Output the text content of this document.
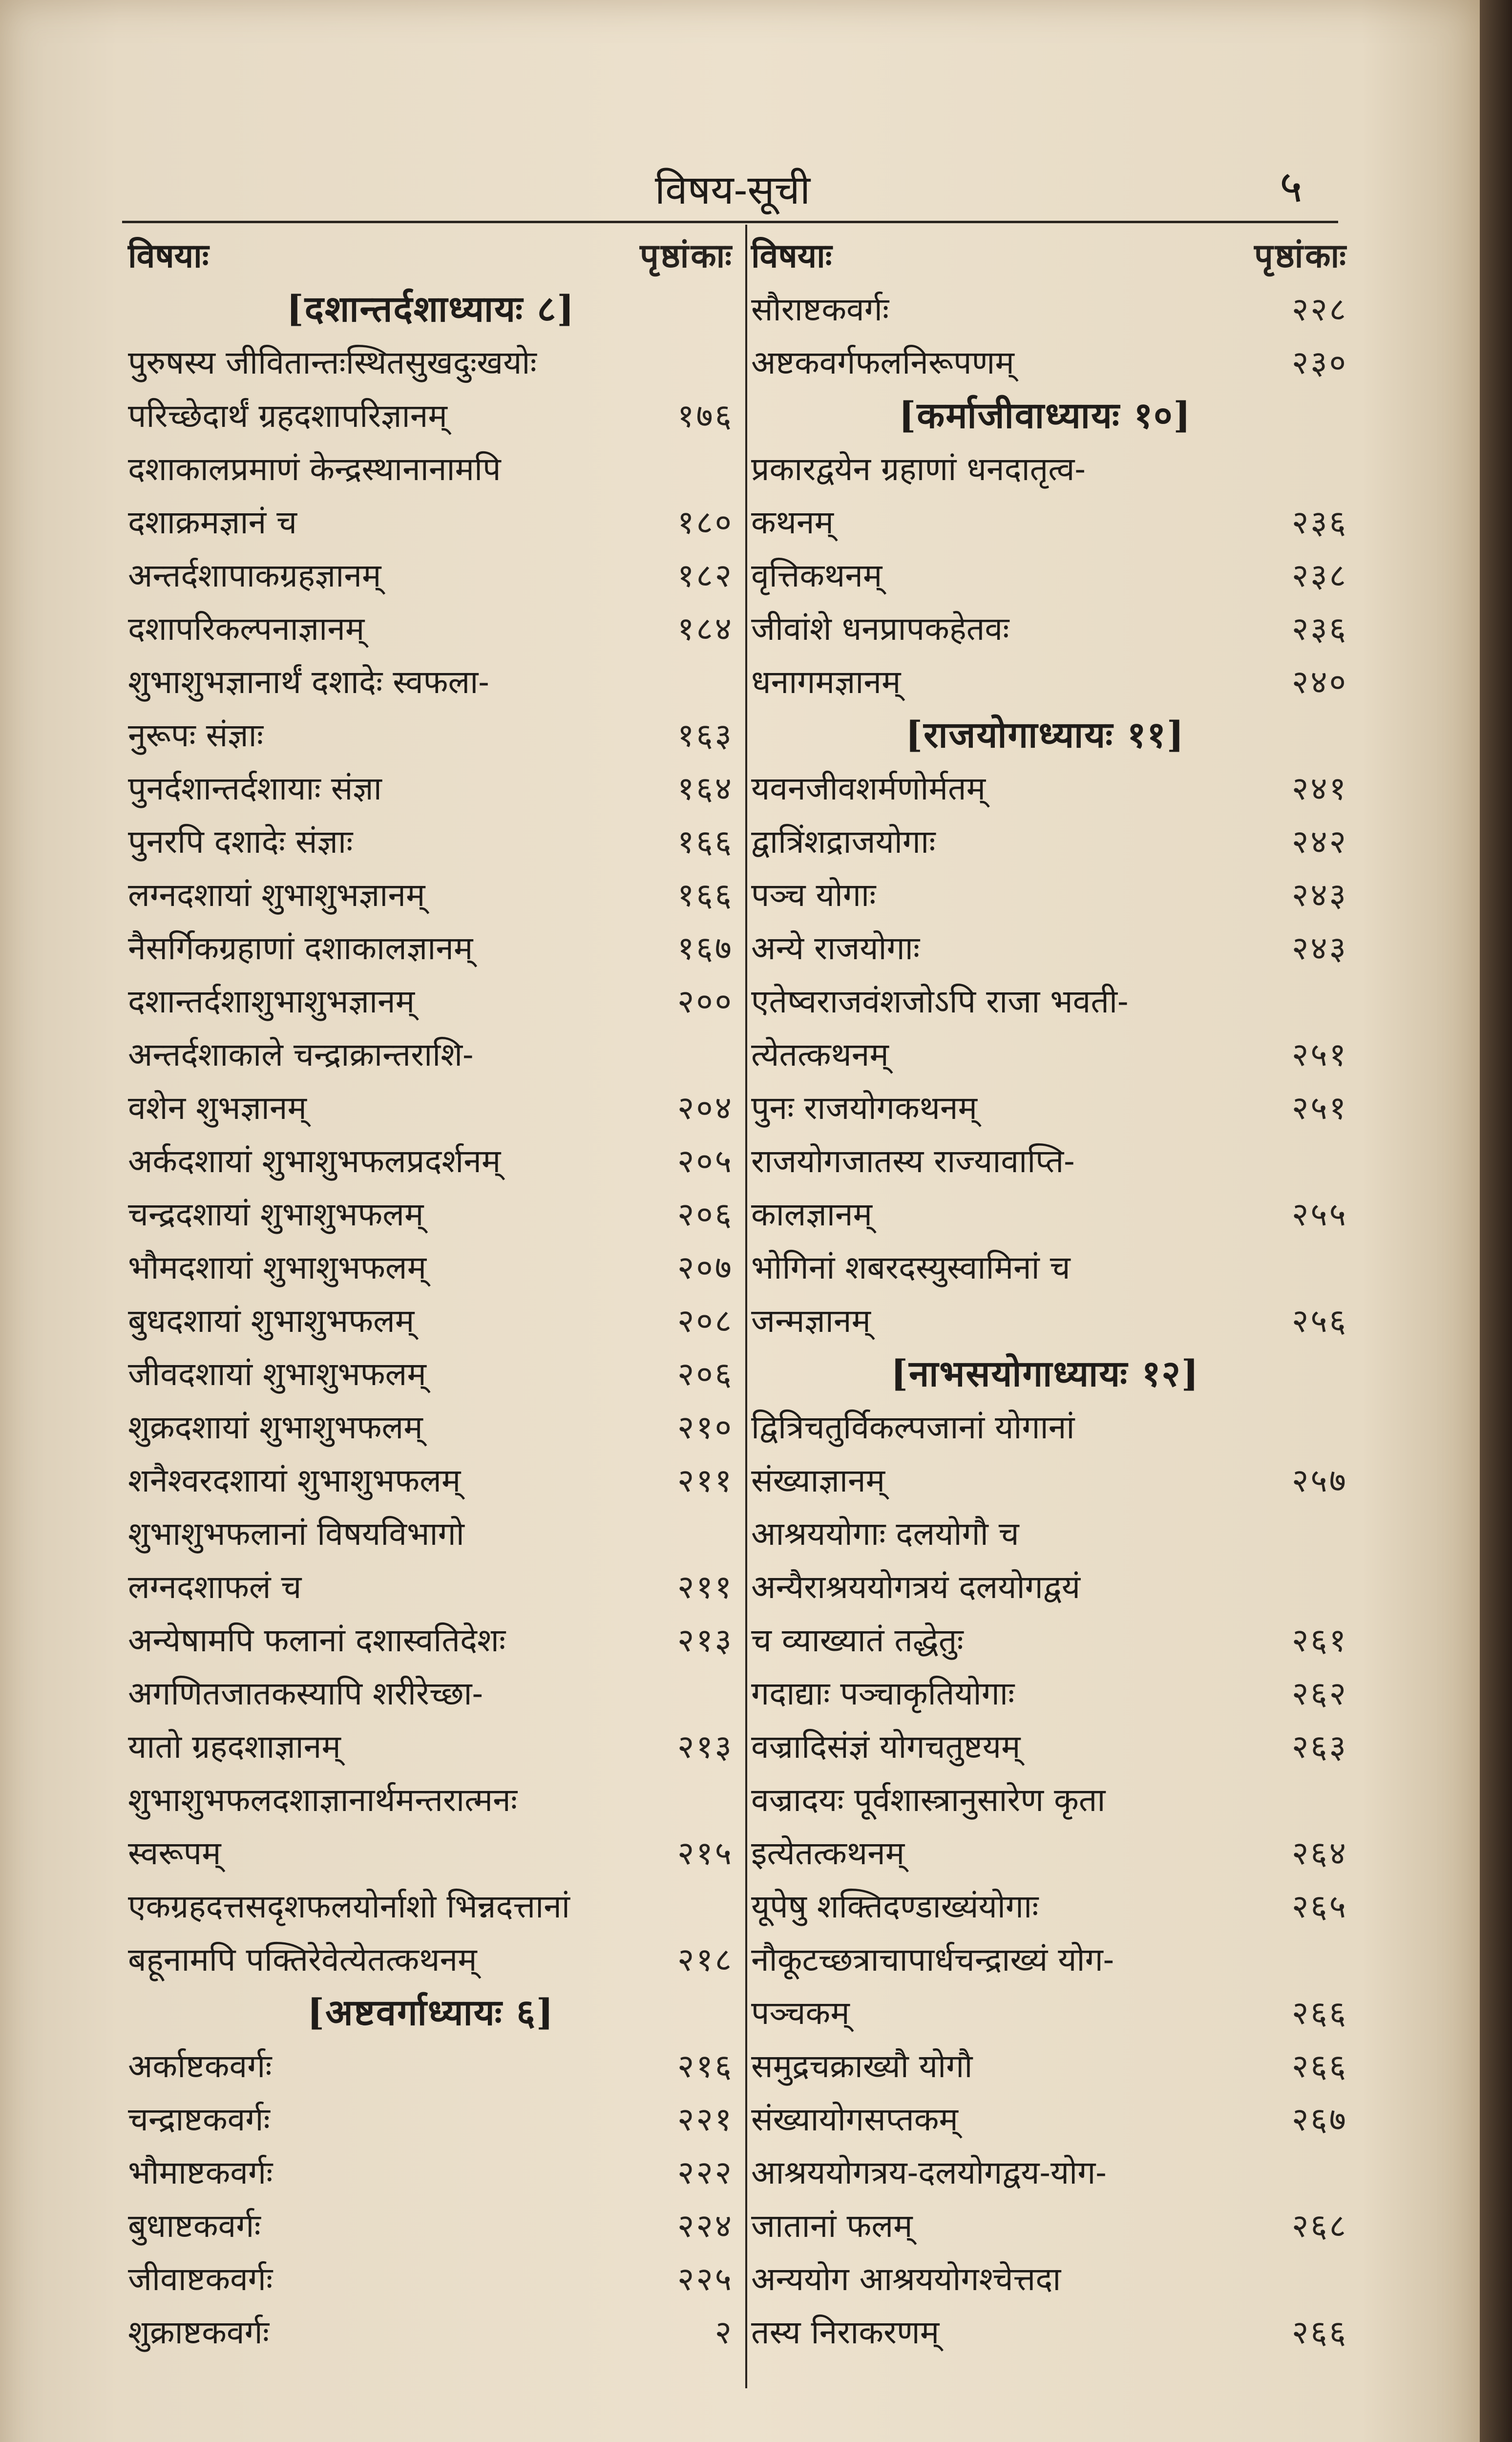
विषय-सूची	५
विषयाः	पृष्ठांकाः
[दशान्तर्दशाध्यायः ८]
पुरुषस्य जीवितान्तःस्थितसुखदुःखयोः
परिच्छेदार्थं ग्रहदशापरिज्ञानम्	१७६
दशाकालप्रमाणं केन्द्रस्थानानामपि
दशाक्रमज्ञानं च	१८०
अन्तर्दशापाकग्रहज्ञानम्	१८२
दशापरिकल्पनाज्ञानम्	१८४
शुभाशुभज्ञानार्थं दशादेः स्वफला-
नुरूपः संज्ञाः	१६३
पुनर्दशान्तर्दशायाः संज्ञा	१६४
पुनरपि दशादेः संज्ञाः	१६६
लग्नदशायां शुभाशुभज्ञानम्	१६६
नैसर्गिकग्रहाणां दशाकालज्ञानम्	१६७
दशान्तर्दशाशुभाशुभज्ञानम्	२००
अन्तर्दशाकाले चन्द्राक्रान्तराशि-
वशेन शुभज्ञानम्	२०४
अर्कदशायां शुभाशुभफलप्रदर्शनम्	२०५
चन्द्रदशायां शुभाशुभफलम्	२०६
भौमदशायां शुभाशुभफलम्	२०७
बुधदशायां शुभाशुभफलम्	२०८
जीवदशायां शुभाशुभफलम्	२०६
शुक्रदशायां शुभाशुभफलम्	२१०
शनैश्वरदशायां शुभाशुभफलम्	२११
शुभाशुभफलानां विषयविभागो
लग्नदशाफलं च	२११
अन्येषामपि फलानां दशास्वतिदेशः	२१३
अगणितजातकस्यापि शरीरेच्छा-
यातो ग्रहदशाज्ञानम्	२१३
शुभाशुभफलदशाज्ञानार्थमन्तरात्मनः
स्वरूपम्	२१५
एकग्रहदत्तसदृशफलयोर्नाशो भिन्नदत्तानां
बहूनामपि पक्तिरेवेत्येतत्कथनम्	२१८
[अष्टवर्गाध्यायः ६]
अर्काष्टकवर्गः	२१६
चन्द्राष्टकवर्गः	२२१
भौमाष्टकवर्गः	२२२
बुधाष्टकवर्गः	२२४
जीवाष्टकवर्गः	२२५
शुक्राष्टकवर्गः	२
विषयाः	पृष्ठांकाः
सौराष्टकवर्गः	२२८
अष्टकवर्गफलनिरूपणम्	२३०
[कर्माजीवाध्यायः १०]
प्रकारद्वयेन ग्रहाणां धनदातृत्व-
कथनम्	२३६
वृत्तिकथनम्	२३८
जीवांशे धनप्रापकहेतवः	२३६
धनागमज्ञानम्	२४०
[राजयोगाध्यायः ११]
यवनजीवशर्मणोर्मतम्	२४१
द्वात्रिंशद्राजयोगाः	२४२
पञ्च योगाः	२४३
अन्ये राजयोगाः	२४३
एतेष्वराजवंशजोऽपि राजा भवती-
त्येतत्कथनम्	२५१
पुनः राजयोगकथनम्	२५१
राजयोगजातस्य राज्यावाप्ति-
कालज्ञानम्	२५५
भोगिनां शबरदस्युस्वामिनां च
जन्मज्ञानम्	२५६
[नाभसयोगाध्यायः १२]
द्वित्रिचतुर्विकल्पजानां योगानां
संख्याज्ञानम्	२५७
आश्रययोगाः दलयोगौ च
अन्यैराश्रययोगत्रयं दलयोगद्वयं
च व्याख्यातं तद्धेतुः	२६१
गदाद्याः पञ्चाकृतियोगाः	२६२
वज्रादिसंज्ञं योगचतुष्टयम्	२६३
वज्रादयः पूर्वशास्त्रानुसारेण कृता
इत्येतत्कथनम्	२६४
यूपेषु शक्तिदण्डाख्यंयोगाः	२६५
नौकूटच्छत्राचापार्धचन्द्राख्यं योग-
पञ्चकम्	२६६
समुद्रचक्राख्यौ योगौ	२६६
संख्यायोगसप्तकम्	२६७
आश्रययोगत्रय-दलयोगद्वय-योग-
जातानां फलम्	२६८
अन्ययोग आश्रययोगश्चेत्तदा
तस्य निराकरणम्	२६६
